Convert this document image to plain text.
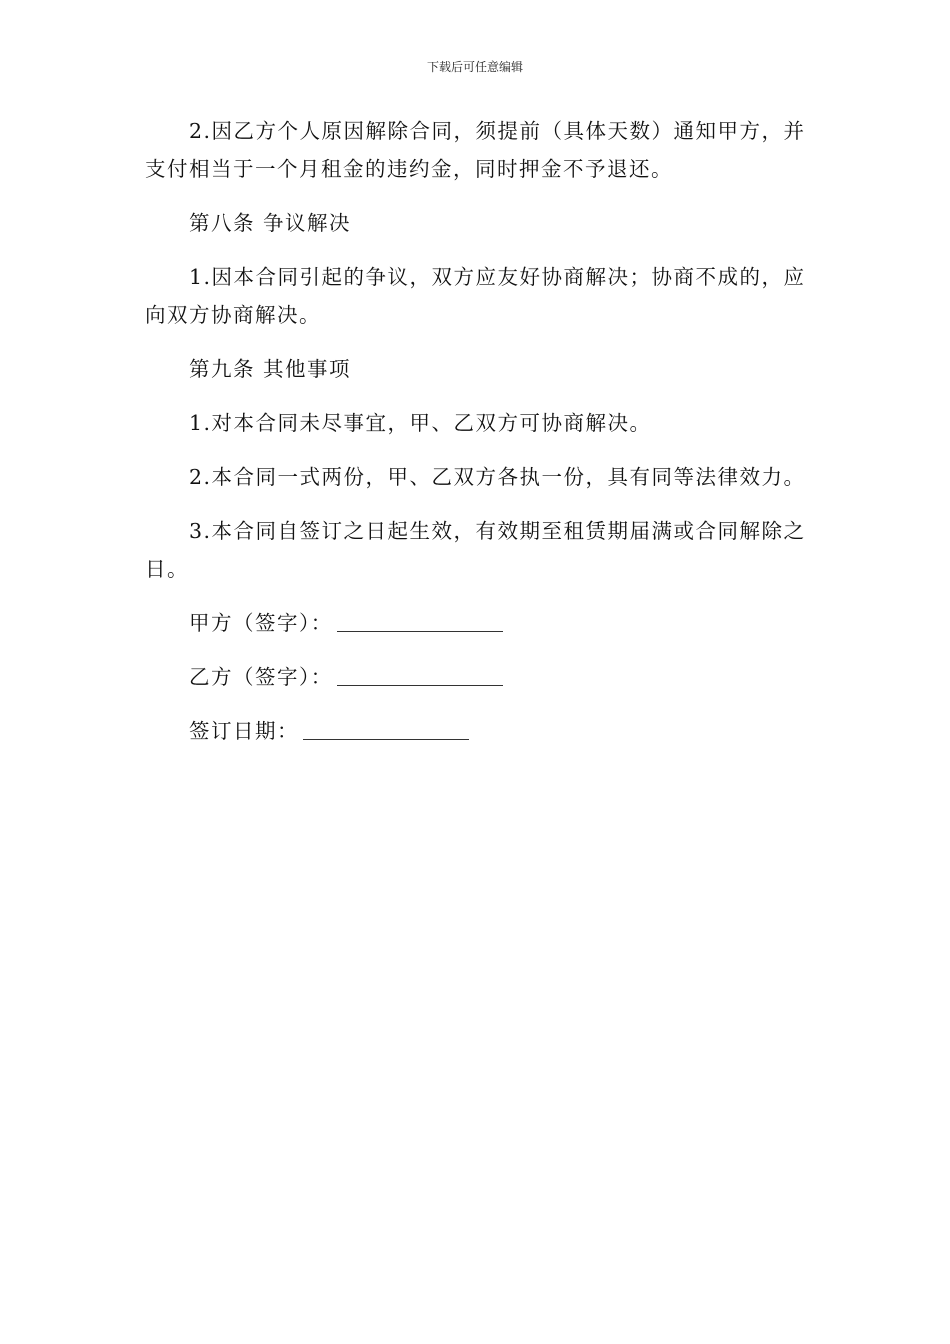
下载后可任意编辑

2.因乙方个人原因解除合同，须提前（具体天数）通知甲方，并支付相当于一个月租金的违约金，同时押金不予退还。

第八条 争议解决

1.因本合同引起的争议，双方应友好协商解决；协商不成的，应向双方协商解决。

第九条 其他事项

1.对本合同未尽事宜，甲、乙双方可协商解决。

2.本合同一式两份，甲、乙双方各执一份，具有同等法律效力。

3.本合同自签订之日起生效，有效期至租赁期届满或合同解除之日。

甲方（签字）：
乙方（签字）：
签订日期：
